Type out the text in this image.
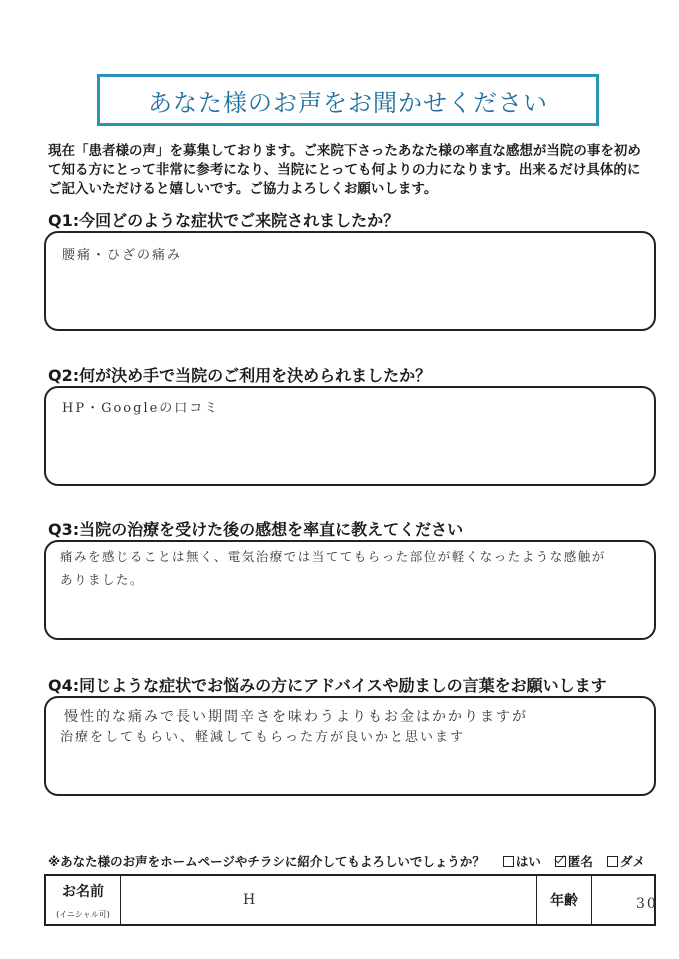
あなた様のお声をお聞かせください
現在「患者様の声」を募集しております。ご来院下さったあなた様の率直な感想が当院の事を初めて知る方にとって非常に参考になり、当院にとっても何よりの力になります。出来るだけ具体的にご記入いただけると嬉しいです。ご協力よろしくお願いします。
Q1:今回どのような症状でご来院されましたか？
腰痛・ひざの痛み
Q2:何が決め手で当院のご利用を決められましたか？
HP・Googleの口コミ
Q3:当院の治療を受けた後の感想を率直に教えてください
痛みを感じることは無く、電気治療では当ててもらった部位が軽くなったような感触が
ありました。
Q4:同じような症状でお悩みの方にアドバイスや励ましの言葉をお願いします
慢性的な痛みで長い期間辛さを味わうよりもお金はかかりますが
治療をしてもらい、軽減してもらった方が良いかと思います
※あなた様のお声をホームページやチラシに紹介してもよろしいでしょうか？ はい 匿名 ダメ
お名前
(イニシャル可)
H	年齢	30
